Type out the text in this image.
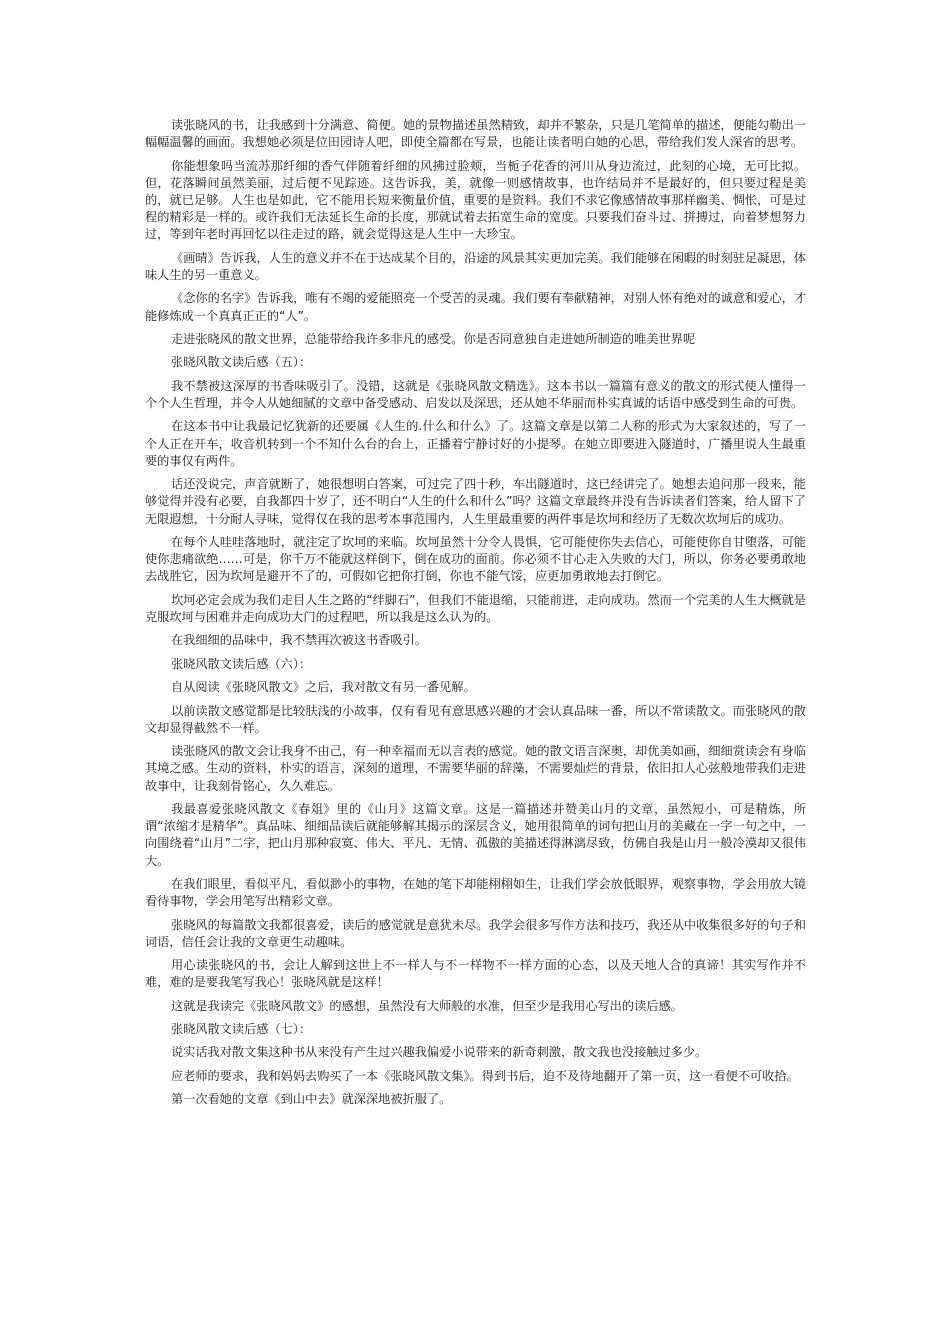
读张晓风的书，让我感到十分满意、简便。她的景物描述虽然精致，却并不繁杂，只是几笔简单的描述，便能勾勒出一幅幅温馨的画面。我想她必须是位田园诗人吧，即使全篇都在写景，也能让读者明白她的心思，带给我们发人深省的思考。

你能想象吗当流苏那纤细的香气伴随着纤细的风拂过脸颊，当栀子花香的河川从身边流过，此刻的心境，无可比拟。但，花落瞬间虽然美丽，过后便不见踪迹。这告诉我，美，就像一则感情故事，也许结局并不是最好的，但只要过程是美的，就已足够。人生也是如此，它不能用长短来衡量价值，重要的是资料。我们不求它像感情故事那样幽美、惆怅，可是过程的精彩是一样的。或许我们无法延长生命的长度，那就试着去拓宽生命的宽度。只要我们奋斗过、拼搏过，向着梦想努力过，等到年老时再回忆以往走过的路，就会觉得这是人生中一大珍宝。

《画晴》告诉我，人生的意义并不在于达成某个目的，沿途的风景其实更加完美。我们能够在闲暇的时刻驻足凝思，体味人生的另一重意义。

《念你的名字》告诉我，唯有不竭的爱能照亮一个受苦的灵魂。我们要有奉献精神，对别人怀有绝对的诚意和爱心，才能修炼成一个真真正正的“人”。

走进张晓风的散文世界，总能带给我许多非凡的感受。你是否同意独自走进她所制造的唯美世界呢

张晓风散文读后感（五）：

我不禁被这深厚的书香味吸引了。没错，这就是《张晓风散文精选》。这本书以一篇篇有意义的散文的形式使人懂得一个个人生哲理，并令人从她细腻的文章中备受感动、启发以及深思，还从她不华丽而朴实真诚的话语中感受到生命的可贵。

在这本书中让我最记忆犹新的还要属《人生的.什么和什么》了。这篇文章是以第二人称的形式为大家叙述的，写了一个人正在开车，收音机转到一个不知什么台的台上，正播着宁静讨好的小提琴。在她立即要进入隧道时，广播里说人生最重要的事仅有两件。

话还没说完，声音就断了，她很想明白答案，可过完了四十秒，车出隧道时，这已经讲完了。她想去追问那一段来，能够觉得并没有必要，自我都四十岁了，还不明白“人生的什么和什么”吗？这篇文章最终并没有告诉读者们答案，给人留下了无限遐想，十分耐人寻味，觉得仅在我的思考本事范围内，人生里最重要的两件事是坎坷和经历了无数次坎坷后的成功。

在每个人哇哇落地时，就注定了坎坷的来临。坎坷虽然十分令人畏惧，它可能使你失去信心，可能使你自甘堕落，可能使你悲痛欲绝……可是，你千万不能就这样倒下，倒在成功的面前。你必须不甘心走入失败的大门，所以，你务必要勇敢地去战胜它，因为坎坷是避开不了的，可假如它把你打倒，你也不能气馁，应更加勇敢地去打倒它。

坎坷必定会成为我们走目人生之路的“绊脚石”，但我们不能退缩，只能前进，走向成功。然而一个完美的人生大概就是克服坎坷与困难并走向成功大门的过程吧，所以我是这么认为的。

在我细细的品味中，我不禁再次被这书香吸引。

张晓风散文读后感（六）：

自从阅读《张晓风散文》之后，我对散文有另一番见解。

以前读散文感觉都是比较肤浅的小故事，仅有看见有意思感兴趣的才会认真品味一番，所以不常读散文。而张晓风的散文却显得截然不一样。

读张晓风的散文会让我身不由己，有一种幸福而无以言表的感觉。她的散文语言深奥，却优美如画，细细赏读会有身临其境之感。生动的资料，朴实的语言，深刻的道理，不需要华丽的辞藻，不需要灿烂的背景，依旧扣人心弦般地带我们走进故事中，让我刻骨铭心，久久难忘。

我最喜爱张晓风散文《春俎》里的《山月》这篇文章。这是一篇描述并赞美山月的文章，虽然短小，可是精炼，所谓“浓缩才是精华”。真品味、细细品读后就能够解其揭示的深层含义，她用很简单的词句把山月的美藏在一字一句之中，一向围绕着“山月”二字，把山月那种寂寞、伟大、平凡、无情、孤傲的美描述得淋漓尽致，仿佛自我是山月一般冷漠却又很伟大。

在我们眼里，看似平凡，看似渺小的事物，在她的笔下却能栩栩如生，让我们学会放低眼界，观察事物，学会用放大镜看待事物，学会用笔写出精彩文章。

张晓风的每篇散文我都很喜爱，读后的感觉就是意犹未尽。我学会很多写作方法和技巧，我还从中收集很多好的句子和词语，信任会让我的文章更生动趣味。

用心读张晓风的书，会让人解到这世上不一样人与不一样物不一样方面的心态，以及天地人合的真谛！其实写作并不难，难的是要我笔写我心！张晓风就是这样！

这就是我读完《张晓风散文》的感想，虽然没有大师般的水准，但至少是我用心写出的读后感。

张晓风散文读后感（七）：

说实话我对散文集这种书从来没有产生过兴趣我偏爱小说带来的新奇刺激，散文我也没接触过多少。

应老师的要求，我和妈妈去购买了一本《张晓风散文集》。得到书后，迫不及待地翻开了第一页，这一看便不可收拾。

第一次看她的文章《到山中去》就深深地被折服了。
